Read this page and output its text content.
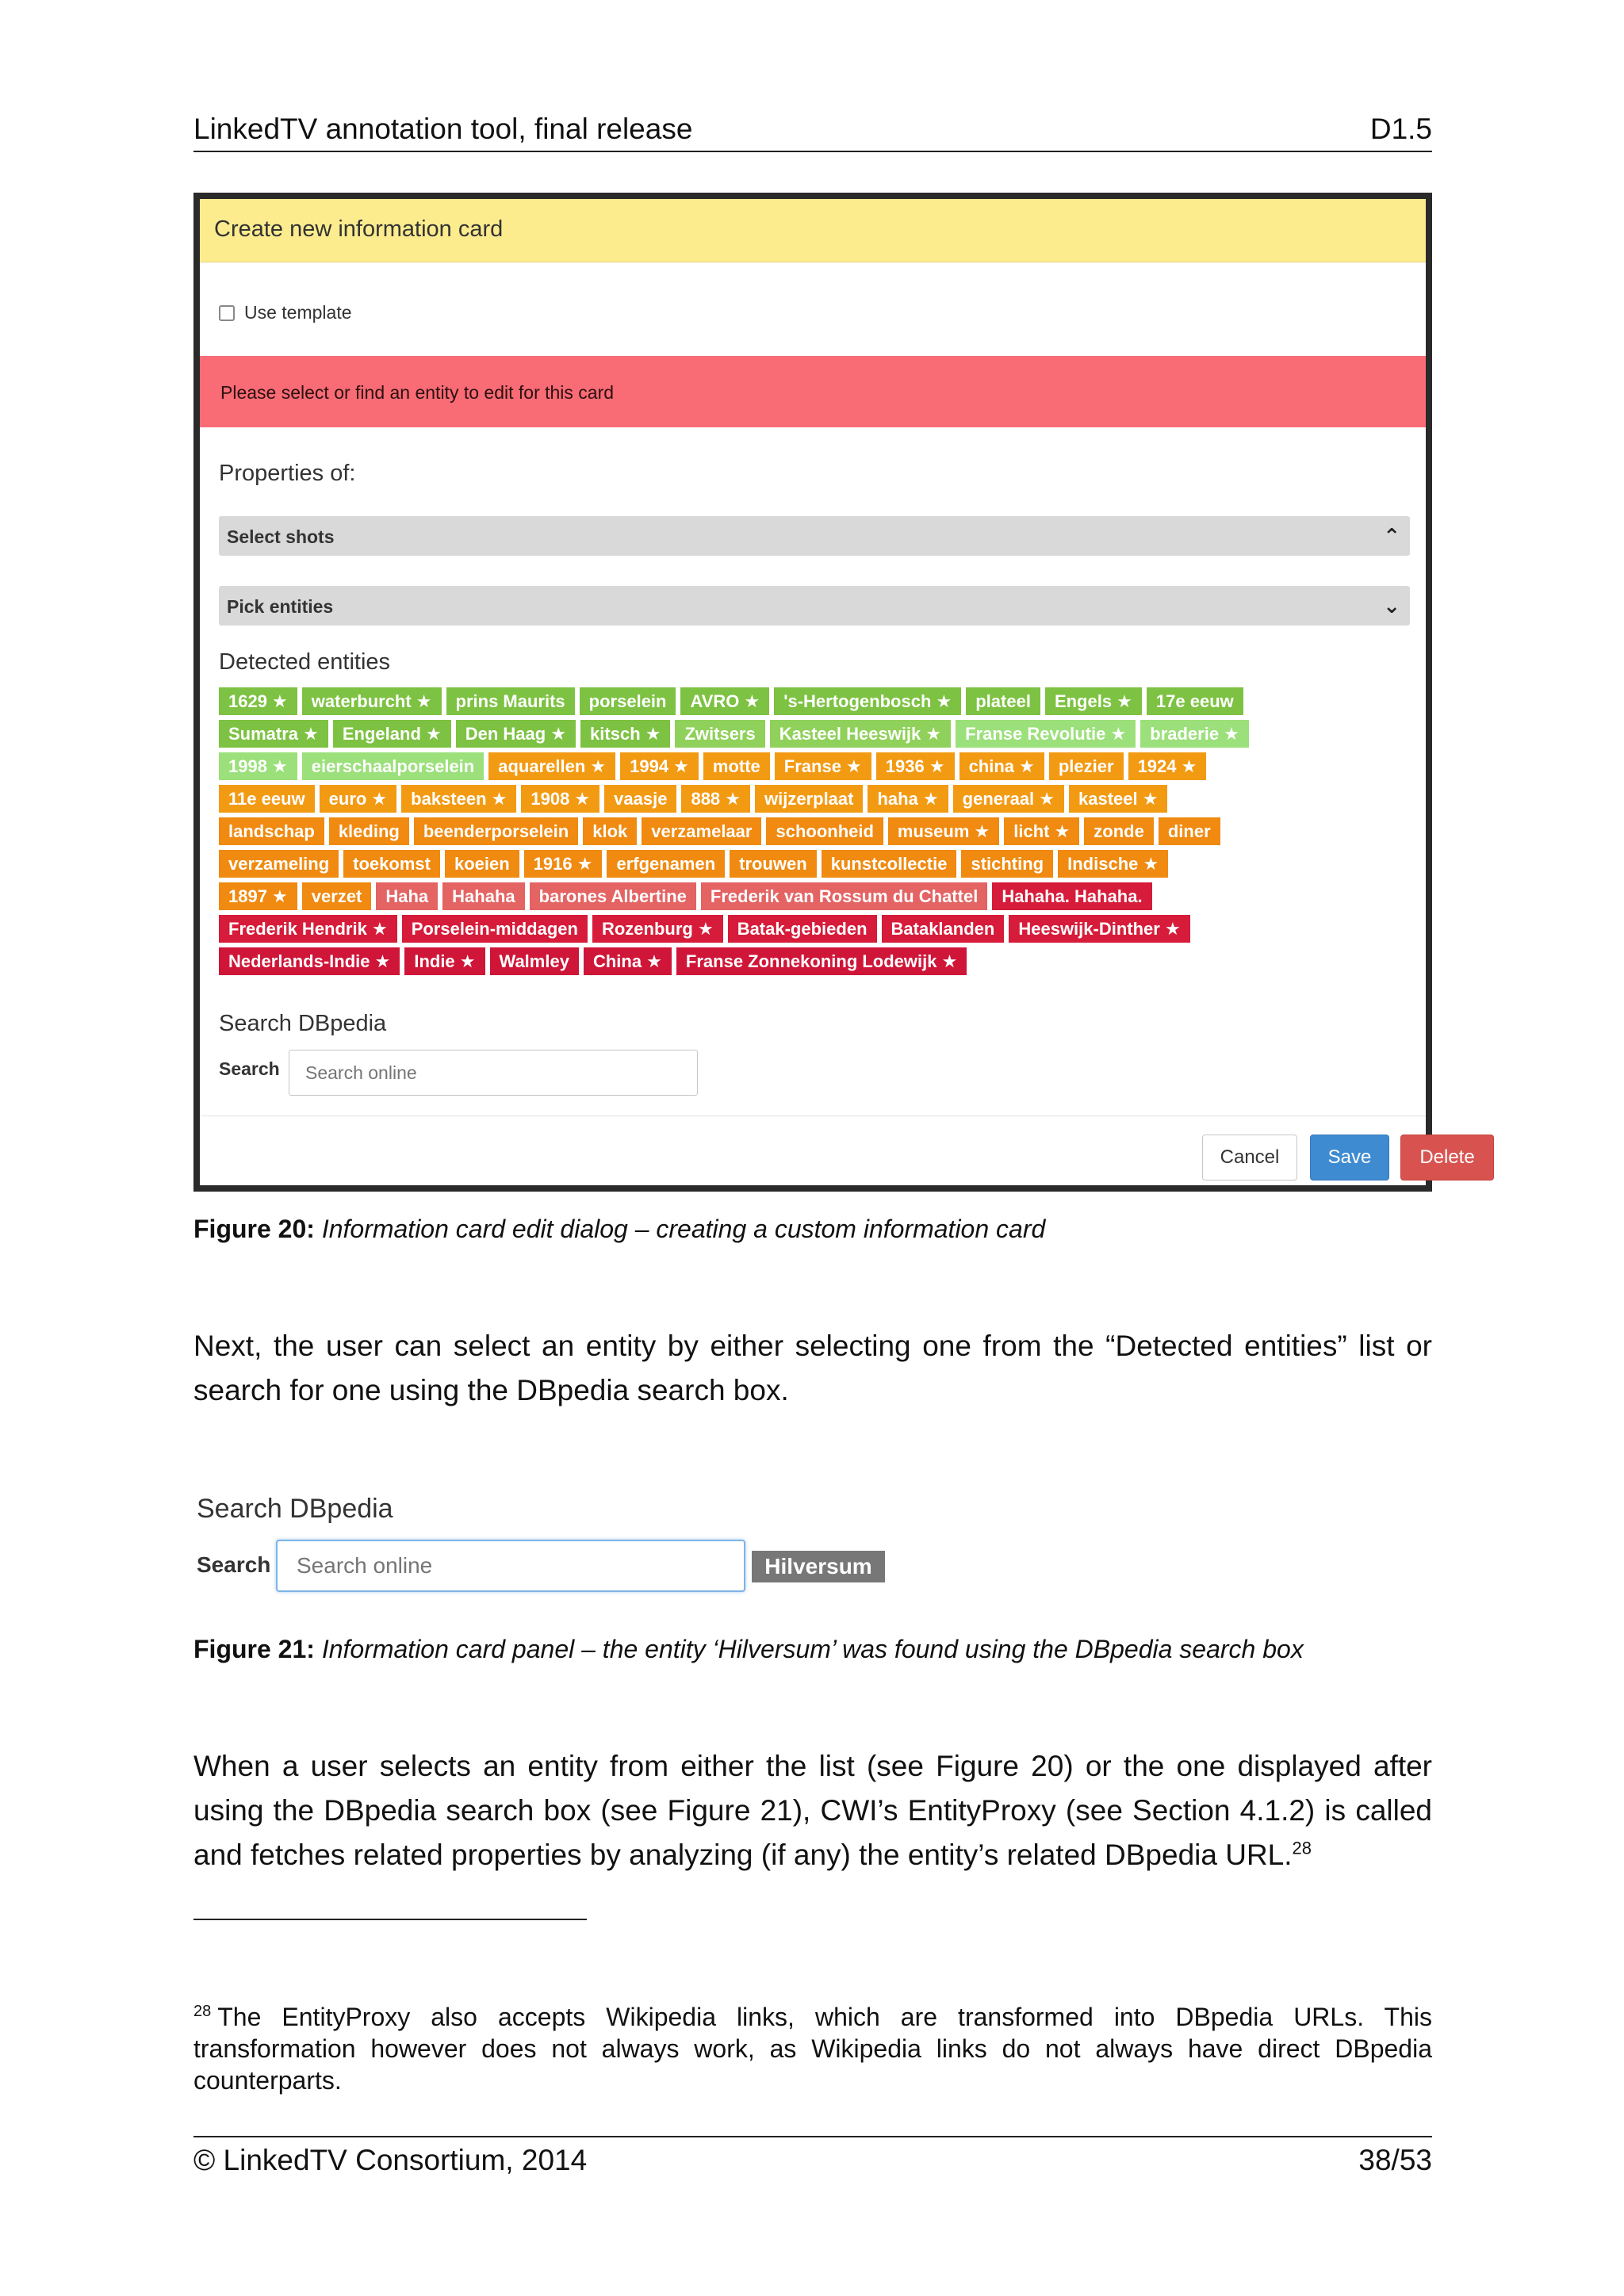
LinkedTV annotation tool, final release	D1.5
Create new information card
Use template
Please select or find an entity to edit for this card
Properties of:
Select shots	⌃
Pick entities	⌄
Detected entities
1629 ★	waterburcht ★	prins Maurits	porselein	AVRO ★	's-Hertogenbosch ★	plateel	Engels ★	17e eeuw
Sumatra ★	Engeland ★	Den Haag ★	kitsch ★	Zwitsers	Kasteel Heeswijk ★	Franse Revolutie ★	braderie ★
1998 ★	eierschaalporselein	aquarellen ★	1994 ★	motte	Franse ★	1936 ★	china ★	plezier	1924 ★
11e eeuw	euro ★	baksteen ★	1908 ★	vaasje	888 ★	wijzerplaat	haha ★	generaal ★	kasteel ★
landschap	kleding	beenderporselein	klok	verzamelaar	schoonheid	museum ★	licht ★	zonde	diner
verzameling	toekomst	koeien	1916 ★	erfgenamen	trouwen	kunstcollectie	stichting	Indische ★
1897 ★	verzet	Haha	Hahaha	barones Albertine	Frederik van Rossum du Chattel	Hahaha. Hahaha.
Frederik Hendrik ★	Porselein-middagen	Rozenburg ★	Batak-gebieden	Bataklanden	Heeswijk-Dinther ★
Nederlands-Indie ★	Indie ★	Walmley	China ★	Franse Zonnekoning Lodewijk ★
Search DBpedia
Search
Search online
Cancel	Save	Delete
Figure 20: Information card edit dialog – creating a custom information card
Next, the user can select an entity by either selecting one from the “Detected entities” list or search for one using the DBpedia search box.
Search DBpedia
Search
Search online	Hilversum
Figure 21: Information card panel – the entity ‘Hilversum’ was found using the DBpedia search box
When a user selects an entity from either the list (see Figure 20) or the one displayed after using the DBpedia search box (see Figure 21), CWI’s EntityProxy (see Section 4.1.2) is called and fetches related properties by analyzing (if any) the entity’s related DBpedia URL.$^{28}$
$^{28}$ The EntityProxy also accepts Wikipedia links, which are transformed into DBpedia URLs. This transformation however does not always work, as Wikipedia links do not always have direct DBpedia counterparts.
© LinkedTV Consortium, 2014	38/53
